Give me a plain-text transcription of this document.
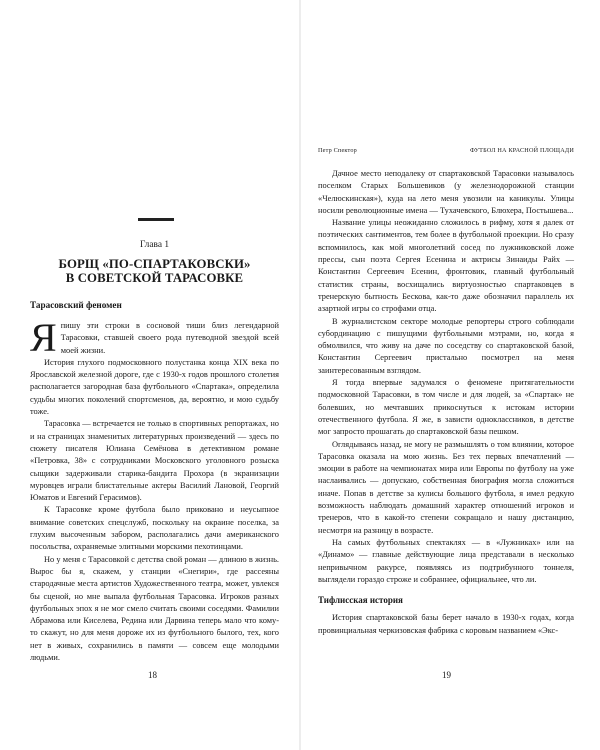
Глава 1
БОРЩ «ПО-СПАРТАКОВСКИ»
В СОВЕТСКОЙ ТАРАСОВКЕ
Тарасовский феномен

Япишу эти строки в сосновой тиши близ легендарной Тарасовки, ставшей своего рода путеводной звездой всей моей жизни.

История глухого подмосковного полустанка конца XIX века по Ярославской железной дороге, где с 1930-х годов прошлого столетия располагается загородная база футбольного «Спартака», определила судьбы многих поколений спортсменов, да, вероятно, и мою судьбу тоже.

Тарасовка — встречается не только в спортивных репортажах, но и на страницах знаменитых литературных произведений — здесь по сюжету писателя Юлиана Семёнова в детективном романе «Петровка, 38» с сотрудниками Московского уголовного розыска сыщики задерживали старика-бандита Прохора (в экранизации муровцев играли блистательные актеры Василий Лановой, Георгий Юматов и Евгений Герасимов).

К Тарасовке кроме футбола было приковано и неусыпное внимание советских спецслужб, поскольку на окраине поселка, за глухим высоченным забором, располагались дачи американского посольства, охраняемые элитными морскими пехотинцами.

Но у меня с Тарасовкой с детства свой роман — длиною в жизнь. Вырос бы я, скажем, у станции «Снегири», где рассеяны стародачные места артистов Художественного театра, может, увлекся бы сценой, но мне выпала футбольная Тарасовка. Игроков разных футбольных эпох я не мог смело считать своими соседями. Фамилии Абрамова или Киселева, Редина или Дарвина теперь мало что кому-то скажут, но для меня дороже их из футбольного былого, тех, кого нет в живых, сохранились в памяти — совсем еще молодыми людьми.

18
Петр Спектор	ФУТБОЛ НА КРАСНОЙ ПЛОЩАДИ

Дачное место неподалеку от спартаковской Тарасовки называлось поселком Старых Большевиков (у железнодорожной станции «Челюскинская»), куда на лето меня увозили на каникулы. Улицы носили революционные имена — Тухачевского, Блюхера, Постышева...

Название улицы неожиданно сложилось в рифму, хотя я далек от поэтических сантиментов, тем более в футбольной проекции. Но сразу вспомнилось, как мой многолетний сосед по лужниковской ложе прессы, сын поэта Сергея Есенина и актрисы Зинаиды Райх — Константин Сергеевич Есенин, фронтовик, главный футбольный статистик страны, восхищались виртуозностью спартаковцев в тренерскую бытность Бескова, как-то даже обозначил параллель их азартной игры со строфами отца.

В журналистском секторе молодые репортеры строго соблюдали субординацию с пишущими футбольными мэтрами, но, когда я обмолвился, что живу на даче по соседству со спартаковской базой, Константин Сергеевич пристально посмотрел на меня заинтересованным взглядом.

Я тогда впервые задумался о феномене притягательности подмосковной Тарасовки, в том числе и для людей, за «Спартак» не болевших, но мечтавших прикоснуться к истокам истории отечественного футбола. Я же, в зависти одноклассников, в детстве мог запросто прошагать до спартаковской базы пешком.

Оглядываясь назад, не могу не размышлять о том влиянии, которое Тарасовка оказала на мою жизнь. Без тех первых впечатлений — эмоции в работе на чемпионатах мира или Европы по футболу на уже наслаивались — допускаю, собственная биография могла сложиться иначе. Попав в детстве за кулисы большого футбола, я имел редкую возможность наблюдать домашний характер отношений игроков и тренеров, что в какой-то степени сокращало и нашу дистанцию, несмотря на разницу в возрасте.

На самых футбольных спектаклях — в «Лужниках» или на «Динамо» — главные действующие лица представали в несколько непривычном ракурсе, появляясь из подтрибунного тоннеля, выглядели гораздо строже и собраннее, официальнее, что ли.

Тифлисская история

История спартаковской базы берет начало в 1930-х годах, когда провинциальная черкизовская фабрика с коровым названием «Экс-

19
